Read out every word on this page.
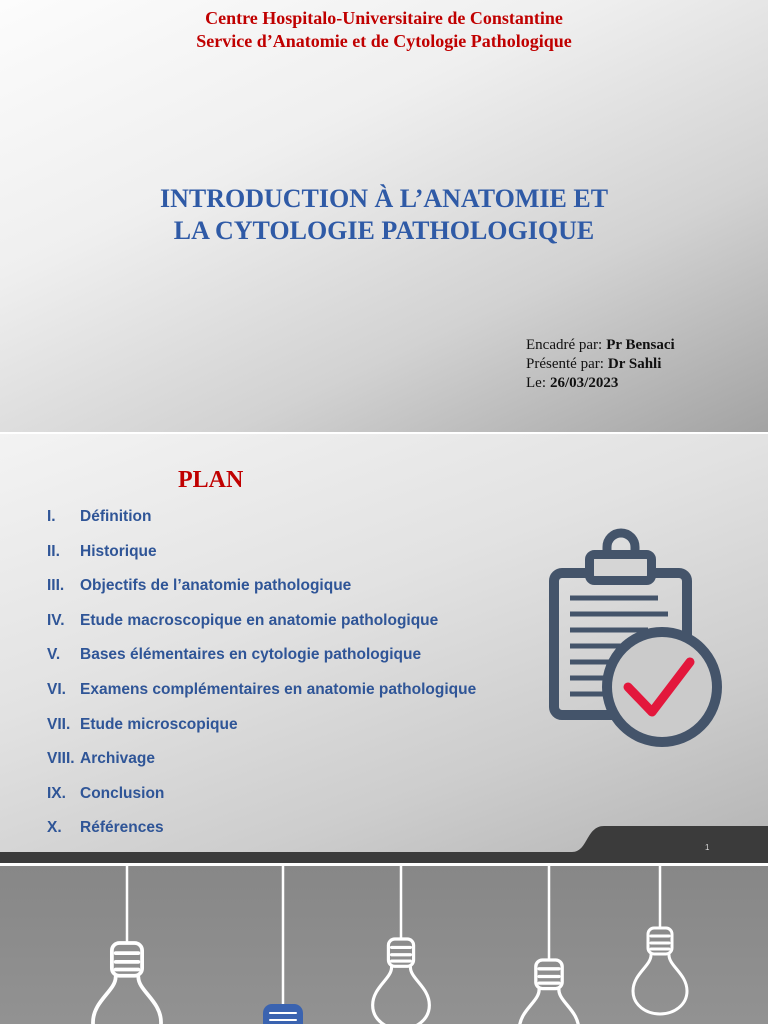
Centre Hospitalo-Universitaire de Constantine
Service d’Anatomie et de Cytologie Pathologique
INTRODUCTION À L’ANATOMIE ET
LA CYTOLOGIE PATHOLOGIQUE
Encadré par: Pr Bensaci
Présenté par: Dr Sahli
Le: 26/03/2023
PLAN
I.	Définition
II.	Historique
III.	Objectifs de l’anatomie pathologique
IV. Etude macroscopique en anatomie pathologique
V.	Bases élémentaires en cytologie pathologique
VI. Examens complémentaires en anatomie pathologique
VII. Etude microscopique
VIII. Archivage
IX. Conclusion
X.	Références
1
